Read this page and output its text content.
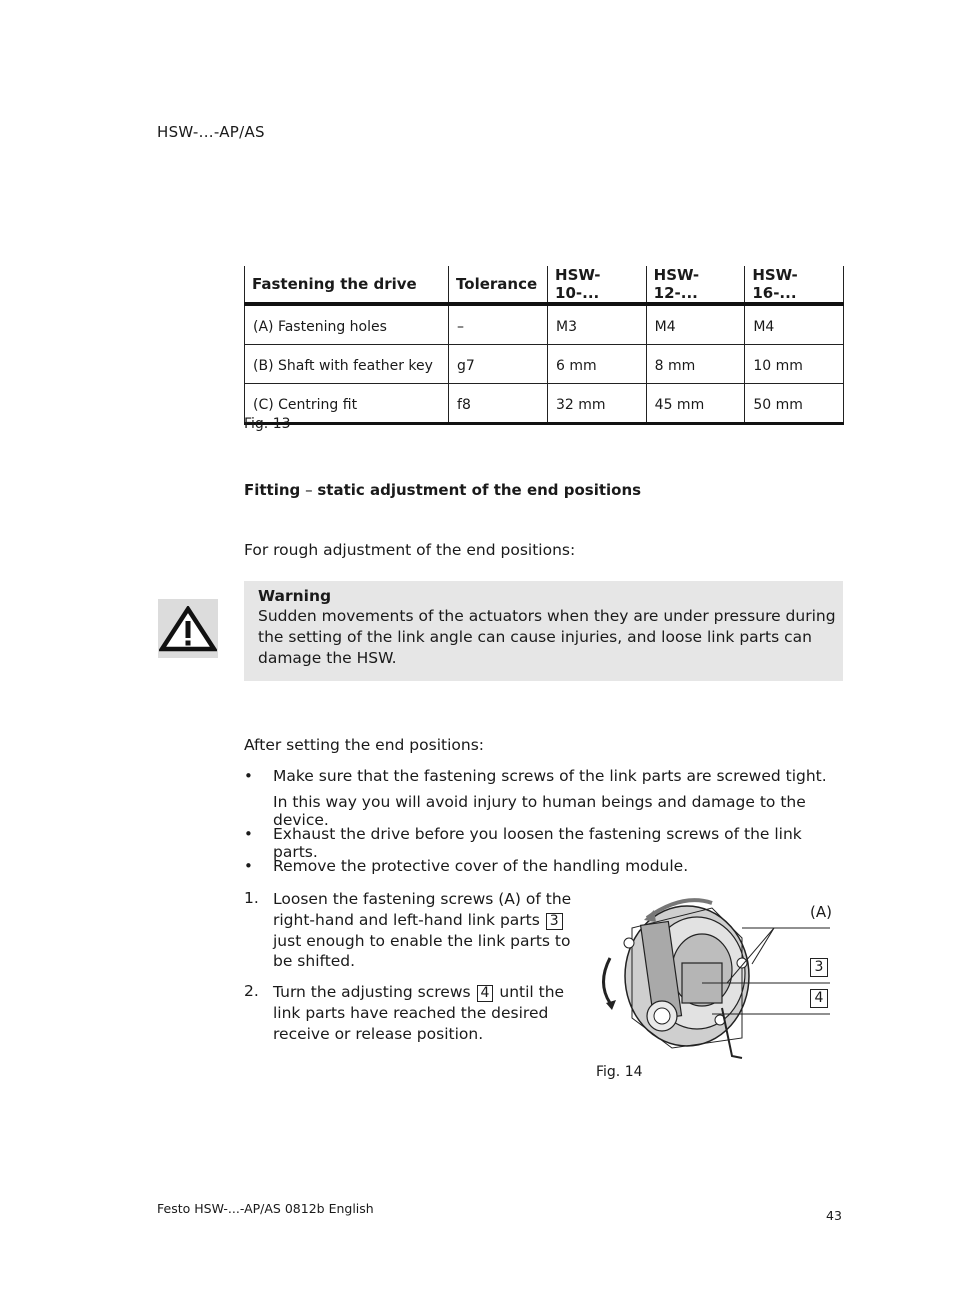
HSW-...-AP/AS
Fastening the drive	Tolerance	HSW-10-...	HSW-12-...	HSW-16-...
(A) Fastening holes	–	M3	M4	M4
(B) Shaft with feather key	g7	6 mm	8 mm	10 mm
(C) Centring fit	f8	32 mm	45 mm	50 mm
Fig. 13
Fitting – static adjustment of the end positions
For rough adjustment of the end positions:
Warning
Sudden movements of the actuators when they are under pressure during the setting of the link angle can cause injuries, and loose link parts can damage the HSW.
After setting the end positions:
• Make sure that the fastening screws of the link parts are screwed tight.
In this way you will avoid injury to human beings and damage to the device.
• Exhaust the drive before you loosen the fastening screws of the link parts.
• Remove the protective cover of the handling module.
1. Loosen the fastening screws (A) of the right-hand and left-hand link parts 3 just enough to enable the link parts to be shifted.
2. Turn the adjusting screws 4 until the link parts have reached the desired receive or release position.
(A)
3
4
Fig. 14
Festo HSW-...-AP/AS 0812b English	43
